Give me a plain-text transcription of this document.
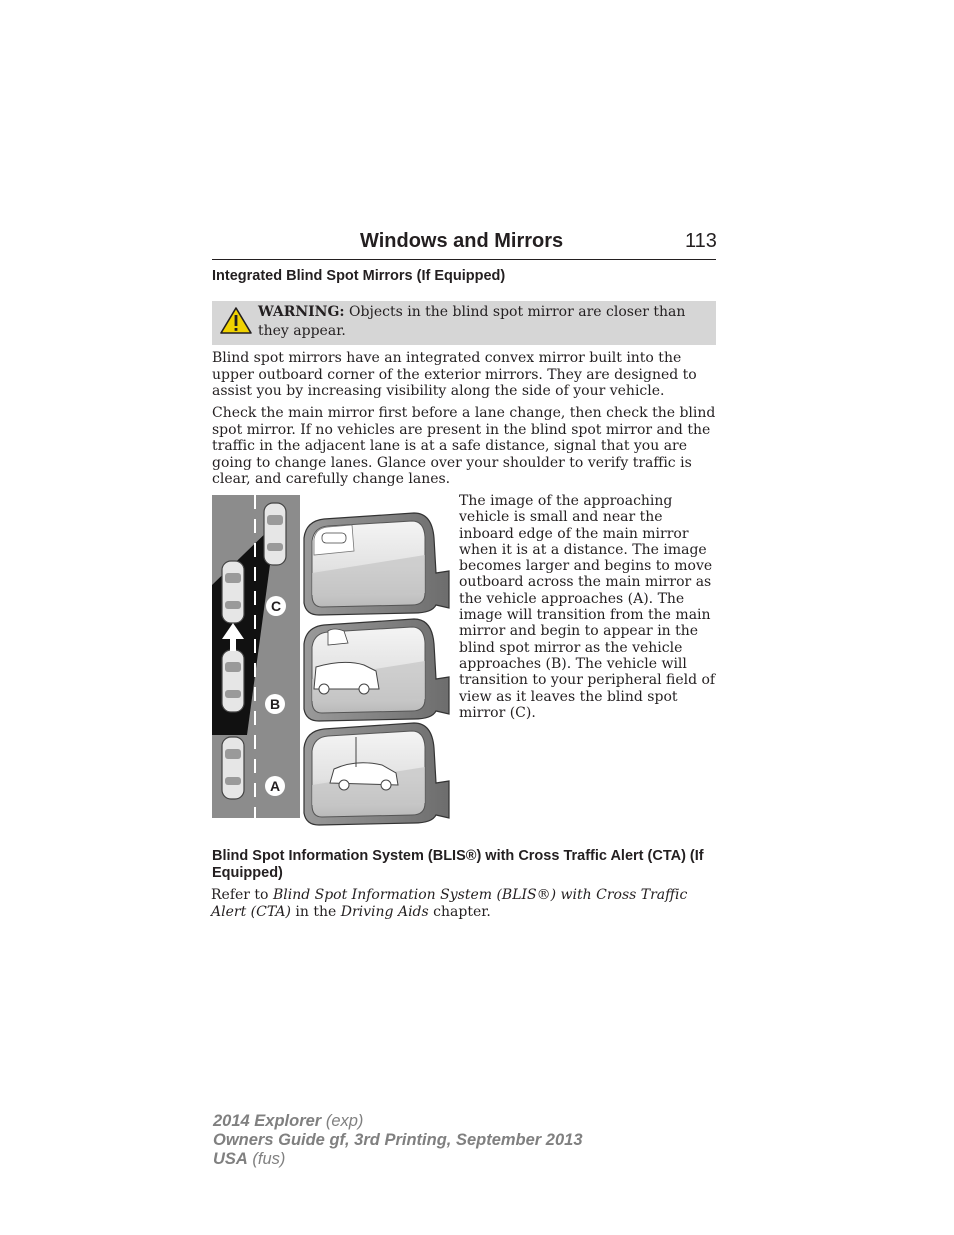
Windows and Mirrors	113
Integrated Blind Spot Mirrors (If Equipped)
WARNING: Objects in the blind spot mirror are closer than they appear.

Blind spot mirrors have an integrated convex mirror built into the upper outboard corner of the exterior mirrors. They are designed to assist you by increasing visibility along the side of your vehicle.

Check the main mirror first before a lane change, then check the blind spot mirror. If no vehicles are present in the blind spot mirror and the traffic in the adjacent lane is at a safe distance, signal that you are going to change lanes. Glance over your shoulder to verify traffic is clear, and carefully change lanes.

C
B
A
The image of the approaching vehicle is small and near the inboard edge of the main mirror when it is at a distance. The image becomes larger and begins to move outboard across the main mirror as the vehicle approaches (A). The image will transition from the main mirror and begin to appear in the blind spot mirror as the vehicle approaches (B). The vehicle will transition to your peripheral field of view as it leaves the blind spot mirror (C).
Blind Spot Information System (BLIS®) with Cross Traffic Alert (CTA) (If Equipped)
Refer to Blind Spot Information System (BLIS®) with Cross Traffic Alert (CTA) in the Driving Aids chapter.
2014 Explorer (exp)
Owners Guide gf, 3rd Printing, September 2013
USA (fus)
